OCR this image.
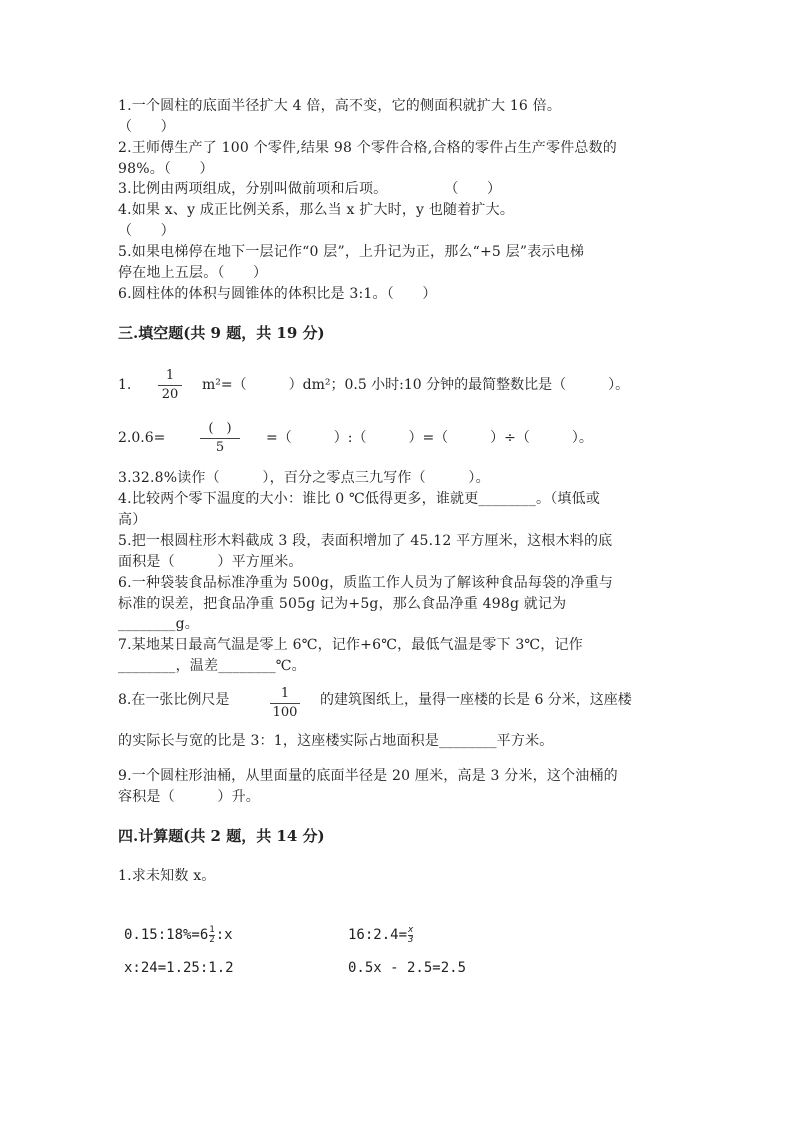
1.一个圆柱的底面半径扩大 4 倍，高不变，它的侧面积就扩大 16 倍。
（　　）
2.王师傅生产了 100 个零件,结果 98 个零件合格,合格的零件占生产零件总数的
98%。（　　）
3.比例由两项组成，分别叫做前项和后项。　　　　　（　　）
4.如果 x、y 成正比例关系，那么当 x 扩大时，y 也随着扩大。
（　　）
5.如果电梯停在地下一层记作“0 层”，上升记为正，那么“+5 层”表示电梯
停在地上五层。（　　）
6.圆柱体的体积与圆锥体的体积比是 3:1。（　　）
三.填空题(共 9 题，共 19 分)
1.
1
20
m²=（　　　）dm²；0.5 小时:10 分钟的最简整数比是（　　　）。
2.0.6=
(　)
5
=（　　　）:（　　　）=（　　　）÷（　　　）。
3.32.8%读作（　　　），百分之零点三九写作（　　　）。
4.比较两个零下温度的大小：谁比 0 ℃低得更多，谁就更________。（填低或
高）
5.把一根圆柱形木料截成 3 段，表面积增加了 45.12 平方厘米，这根木料的底
面积是（　　　）平方厘米。
6.一种袋装食品标准净重为 500g，质监工作人员为了解该种食品每袋的净重与
标准的误差，把食品净重 505g 记为+5g，那么食品净重 498g 就记为
________g。
7.某地某日最高气温是零上 6℃，记作+6℃，最低气温是零下 3℃，记作
________，温差________℃。
8.在一张比例尺是	1
100
的建筑图纸上，量得一座楼的长是 6 分米，这座楼
的实际长与宽的比是 3：1，这座楼实际占地面积是________平方米。
9.一个圆柱形油桶，从里面量的底面半径是 20 厘米，高是 3 分米，这个油桶的
容积是（　　　）升。
四.计算题(共 2 题，共 14 分)
1.求未知数 x。
$0.15:18\%=6\frac{1}{2}:x$	$16:2.4=\frac{x}{3}$
x:24=1.25:1.2	0.5x - 2.5=2.5
